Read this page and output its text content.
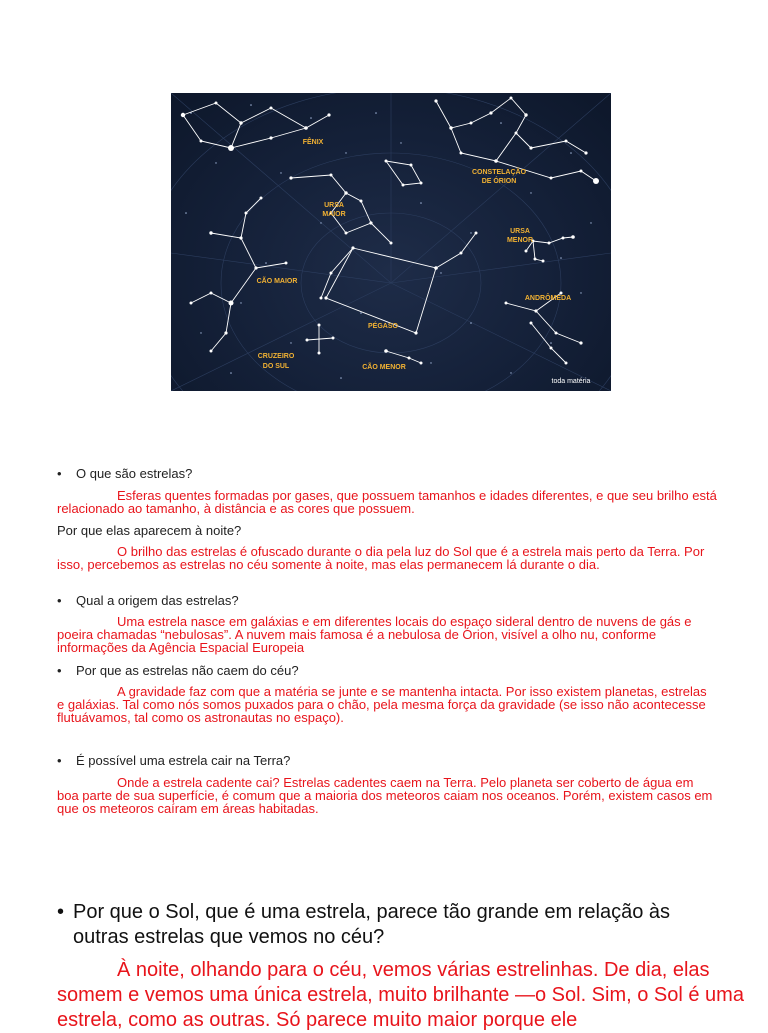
FÊNIX
CONSTELAÇÃO
DE ÓRION
URSA
MAIOR
URSA
MENOR
CÃO MAIOR
ANDRÔMEDA
PÉGASO
CRUZEIRO
DO SUL	CÃO MENOR
toda matéria
• O que são estrelas?
Esferas quentes formadas por gases, que possuem tamanhos e idades diferentes, e que seu brilho está relacionado ao tamanho, à distância e as cores que possuem.
Por que elas aparecem à noite?
O brilho das estrelas é ofuscado durante o dia pela luz do Sol que é a estrela mais perto da Terra. Por isso, percebemos as estrelas no céu somente à noite, mas elas permanecem lá durante o dia.
• Qual a origem das estrelas?
Uma estrela nasce em galáxias e em diferentes locais do espaço sideral dentro de nuvens de gás e poeira chamadas “nebulosas”. A nuvem mais famosa é a nebulosa de Órion, visível a olho nu, conforme informações da Agência Espacial Europeia
• Por que as estrelas não caem do céu?
A gravidade faz com que a matéria se junte e se mantenha intacta. Por isso existem planetas, estrelas e galáxias. Tal como nós somos puxados para o chão, pela mesma força da gravidade (se isso não acontecesse flutuávamos, tal como os astronautas no espaço).
• É possível uma estrela cair na Terra?
Onde a estrela cadente cai? Estrelas cadentes caem na Terra. Pelo planeta ser coberto de água em boa parte de sua superfície, é comum que a maioria dos meteoros caiam nos oceanos. Porém, existem casos em que os meteoros caíram em áreas habitadas.
• Por que o Sol, que é uma estrela, parece tão grande em relação às
outras estrelas que vemos no céu?
À noite, olhando para o céu, vemos várias estrelinhas. De dia, elas somem e vemos uma única estrela, muito brilhante —o Sol. Sim, o Sol é uma estrela, como as outras. Só parece muito maior porque ele
